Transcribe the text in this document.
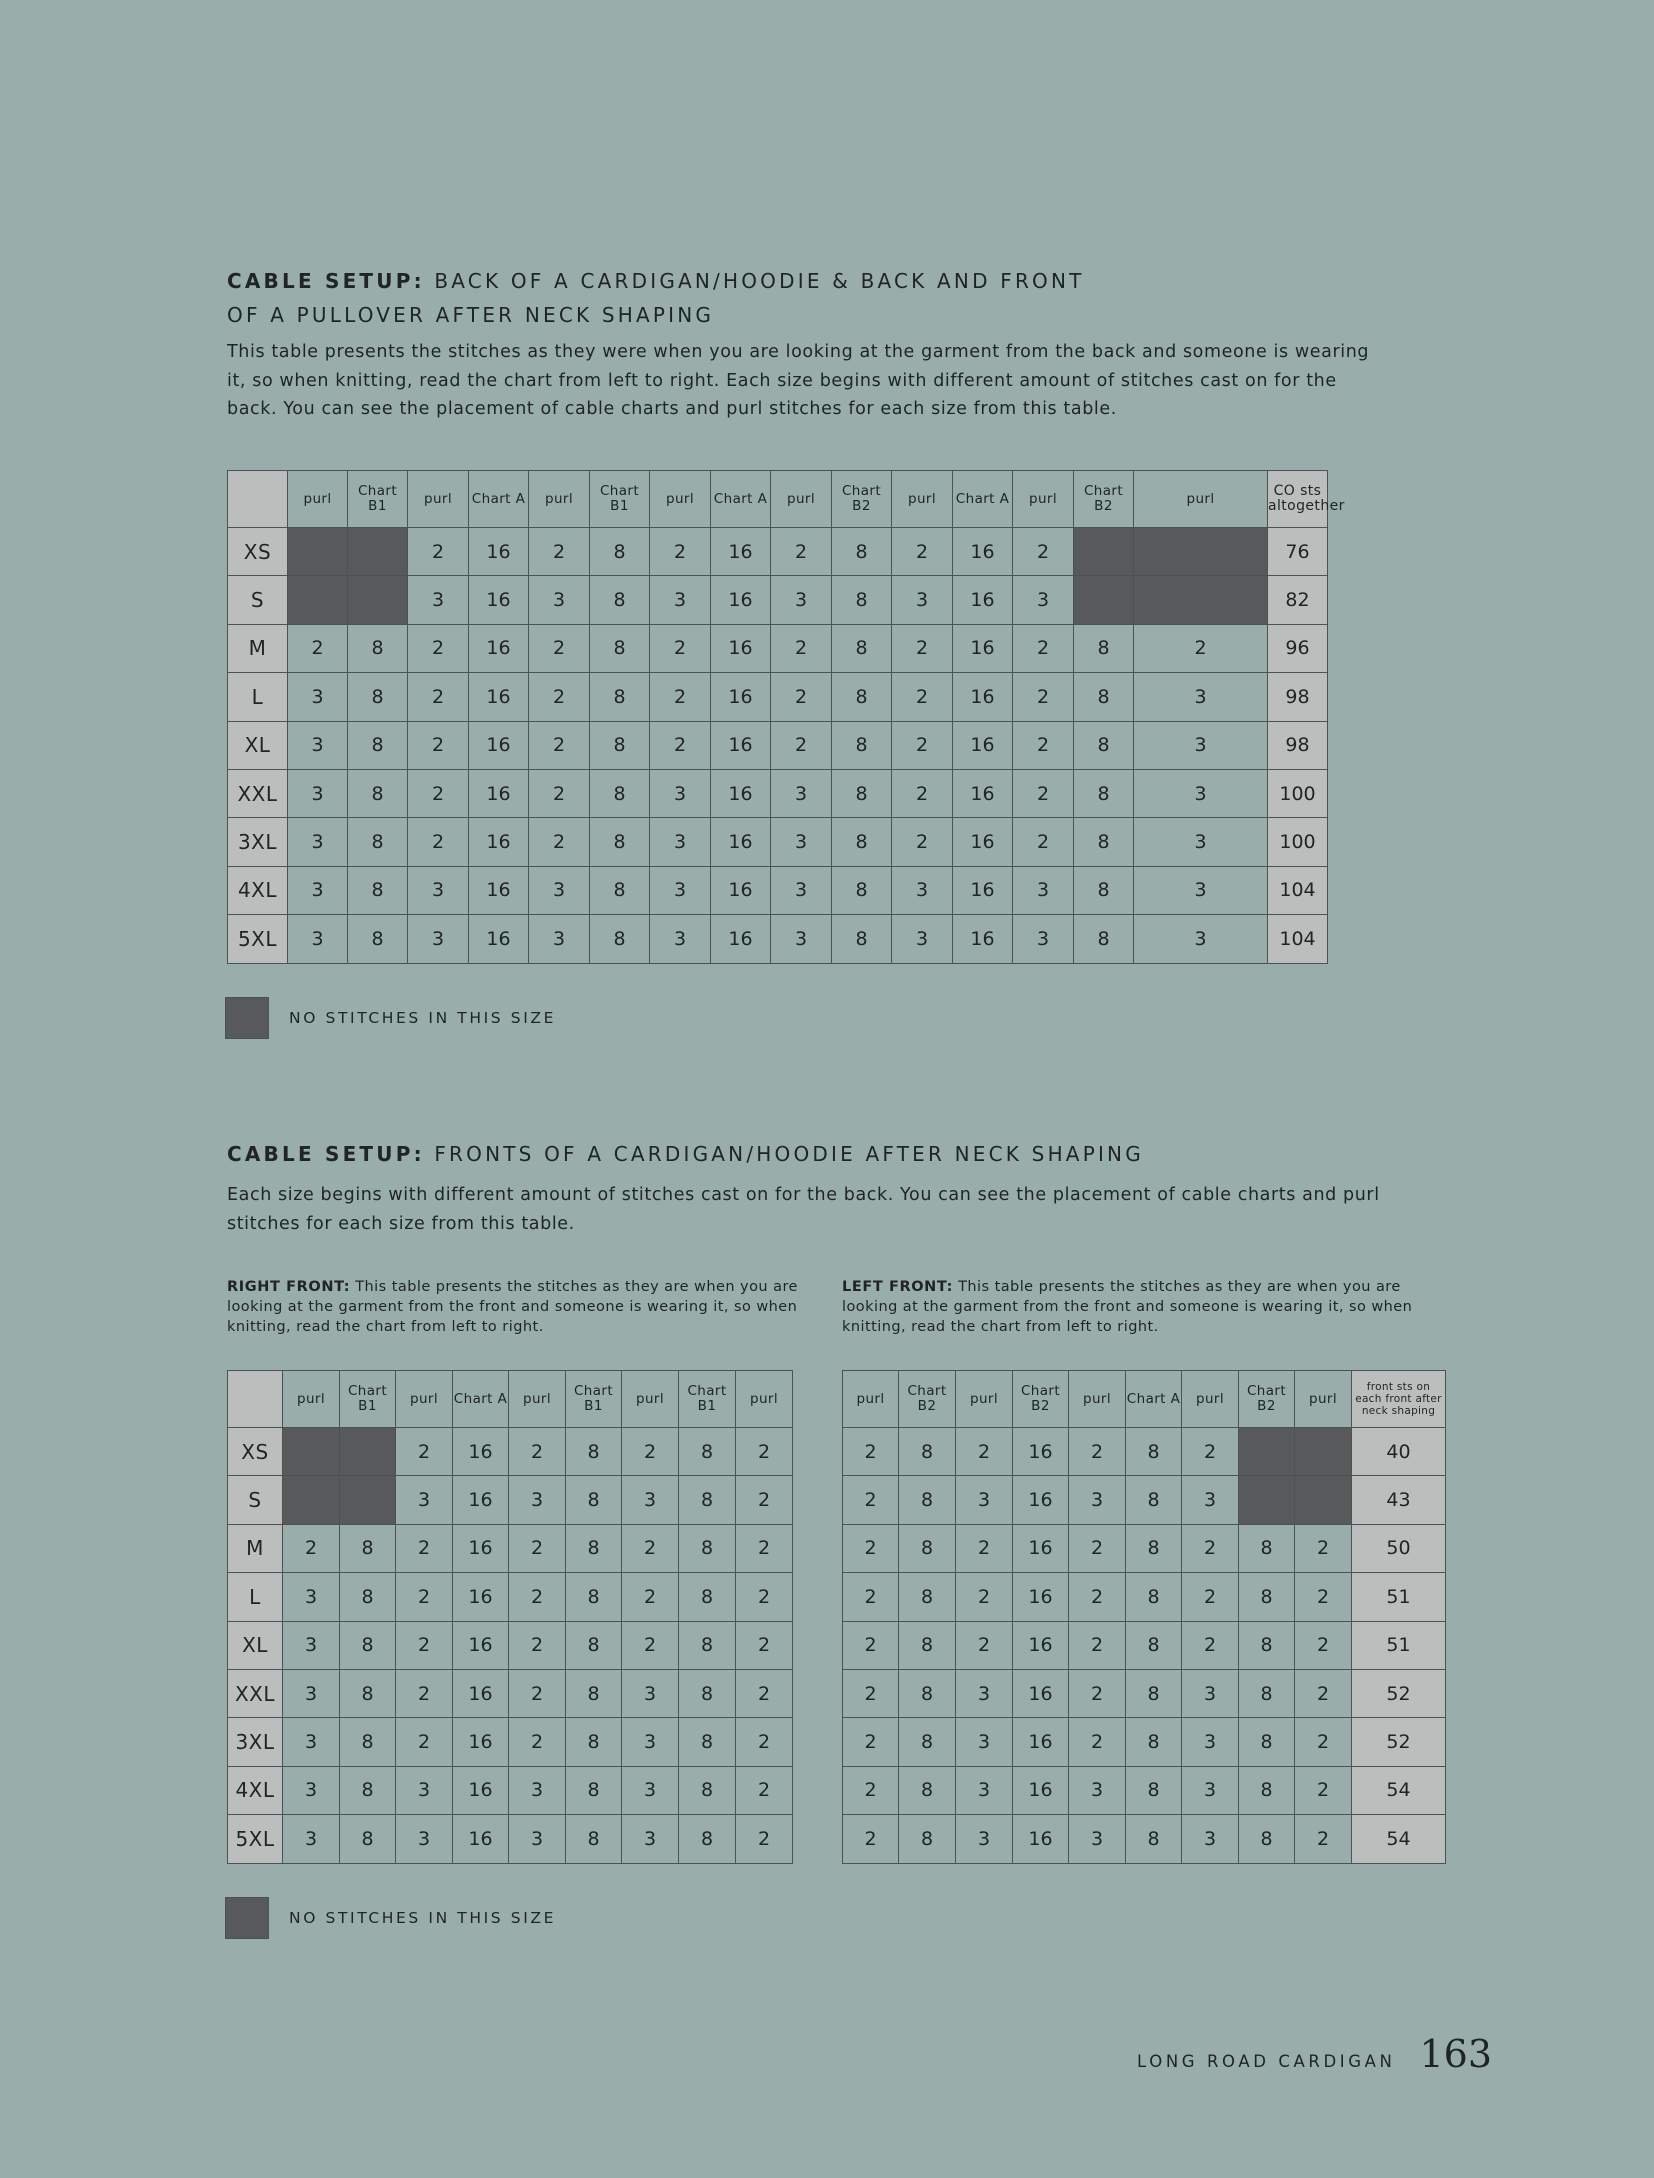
CABLE SETUP: BACK OF A CARDIGAN/HOODIE & BACK AND FRONT
OF A PULLOVER AFTER NECK SHAPING

This table presents the stitches as they were when you are looking at the garment from the back and someone is wearing it, so when knitting, read the chart from left to right. Each size begins with different amount of stitches cast on for the back. You can see the placement of cable charts and purl stitches for each size from this table.

	purl	Chart B1	purl	Chart A	purl	Chart B1	purl	Chart A	purl	Chart B2	purl	Chart A	purl	Chart B2	purl	CO sts altogether
XS			2	16	2	8	2	16	2	8	2	16	2			76
S			3	16	3	8	3	16	3	8	3	16	3			82
M	2	8	2	16	2	8	2	16	2	8	2	16	2	8	2	96
L	3	8	2	16	2	8	2	16	2	8	2	16	2	8	3	98
XL	3	8	2	16	2	8	2	16	2	8	2	16	2	8	3	98
XXL	3	8	2	16	2	8	3	16	3	8	2	16	2	8	3	100
3XL	3	8	2	16	2	8	3	16	3	8	2	16	2	8	3	100
4XL	3	8	3	16	3	8	3	16	3	8	3	16	3	8	3	104
5XL	3	8	3	16	3	8	3	16	3	8	3	16	3	8	3	104
NO STITCHES IN THIS SIZE
CABLE SETUP: FRONTS OF A CARDIGAN/HOODIE AFTER NECK SHAPING

Each size begins with different amount of stitches cast on for the back. You can see the placement of cable charts and purl stitches for each size from this table.

RIGHT FRONT: This table presents the stitches as they are when you are looking at the garment from the front and someone is wearing it, so when knitting, read the chart from left to right.

LEFT FRONT: This table presents the stitches as they are when you are looking at the garment from the front and someone is wearing it, so when knitting, read the chart from left to right.

	purl	Chart B1	purl	Chart A	purl	Chart B1	purl	Chart B1	purl
XS			2	16	2	8	2	8	2
S			3	16	3	8	3	8	2
M	2	8	2	16	2	8	2	8	2
L	3	8	2	16	2	8	2	8	2
XL	3	8	2	16	2	8	2	8	2
XXL	3	8	2	16	2	8	3	8	2
3XL	3	8	2	16	2	8	3	8	2
4XL	3	8	3	16	3	8	3	8	2
5XL	3	8	3	16	3	8	3	8	2
purl	Chart B2	purl	Chart B2	purl	Chart A	purl	Chart B2	purl	front sts on each front after neck shaping
2	8	2	16	2	8	2			40
2	8	3	16	3	8	3			43
2	8	2	16	2	8	2	8	2	50
2	8	2	16	2	8	2	8	2	51
2	8	2	16	2	8	2	8	2	51
2	8	3	16	2	8	3	8	2	52
2	8	3	16	2	8	3	8	2	52
2	8	3	16	3	8	3	8	2	54
2	8	3	16	3	8	3	8	2	54
NO STITCHES IN THIS SIZE
LONG ROAD CARDIGAN 163
